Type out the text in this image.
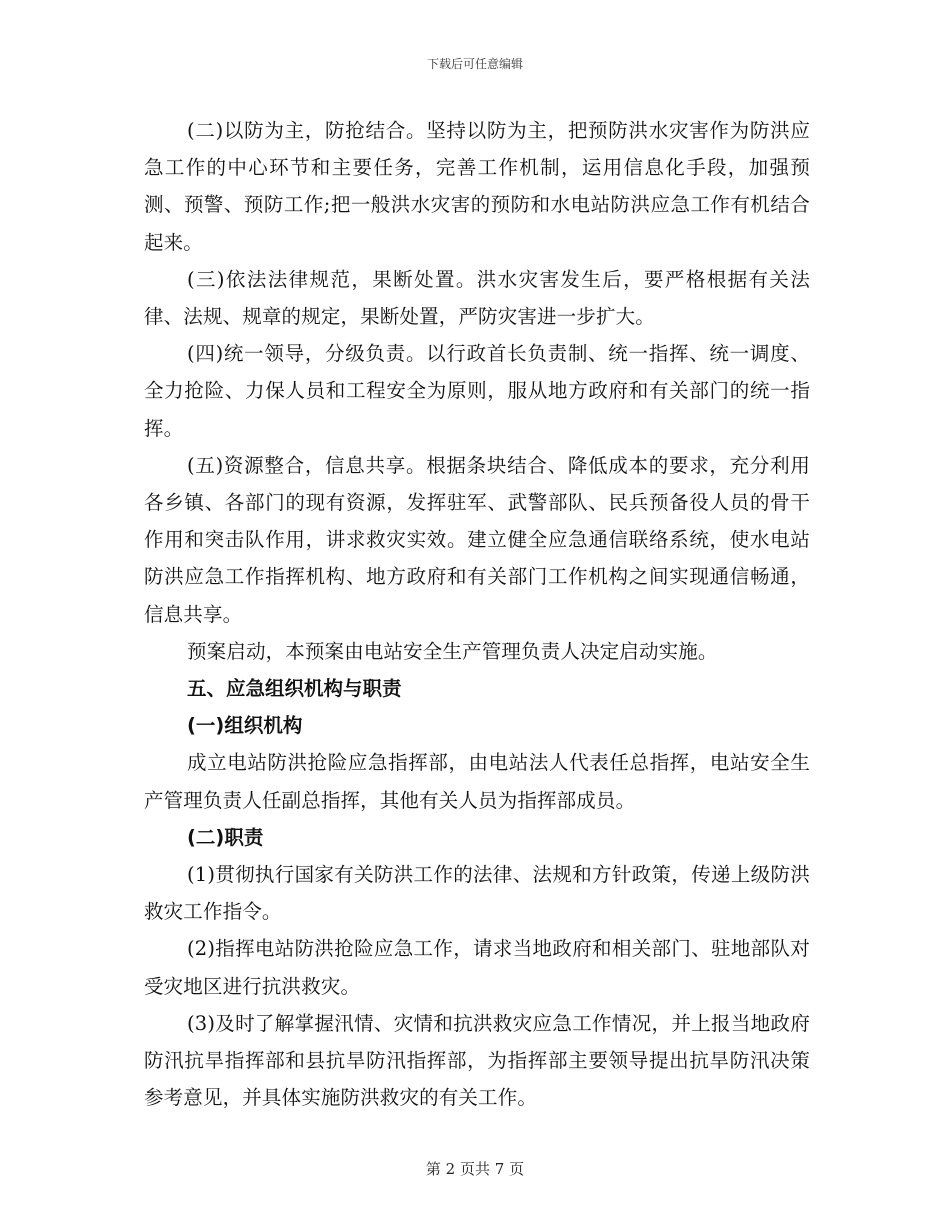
下载后可任意编辑

(二)以防为主，防抢结合。坚持以防为主，把预防洪水灾害作为防洪应急工作的中心环节和主要任务，完善工作机制，运用信息化手段，加强预测、预警、预防工作;把一般洪水灾害的预防和水电站防洪应急工作有机结合起来。

(三)依法法律规范，果断处置。洪水灾害发生后，要严格根据有关法律、法规、规章的规定，果断处置，严防灾害进一步扩大。

(四)统一领导，分级负责。以行政首长负责制、统一指挥、统一调度、全力抢险、力保人员和工程安全为原则，服从地方政府和有关部门的统一指挥。

(五)资源整合，信息共享。根据条块结合、降低成本的要求，充分利用各乡镇、各部门的现有资源，发挥驻军、武警部队、民兵预备役人员的骨干作用和突击队作用，讲求救灾实效。建立健全应急通信联络系统，使水电站防洪应急工作指挥机构、地方政府和有关部门工作机构之间实现通信畅通，信息共享。

预案启动，本预案由电站安全生产管理负责人决定启动实施。

五、应急组织机构与职责

(一)组织机构

成立电站防洪抢险应急指挥部，由电站法人代表任总指挥，电站安全生产管理负责人任副总指挥，其他有关人员为指挥部成员。

(二)职责

(1)贯彻执行国家有关防洪工作的法律、法规和方针政策，传递上级防洪救灾工作指令。

(2)指挥电站防洪抢险应急工作，请求当地政府和相关部门、驻地部队对受灾地区进行抗洪救灾。

(3)及时了解掌握汛情、灾情和抗洪救灾应急工作情况，并上报当地政府防汛抗旱指挥部和县抗旱防汛指挥部，为指挥部主要领导提出抗旱防汛决策参考意见，并具体实施防洪救灾的有关工作。

第 2 页共 7 页
